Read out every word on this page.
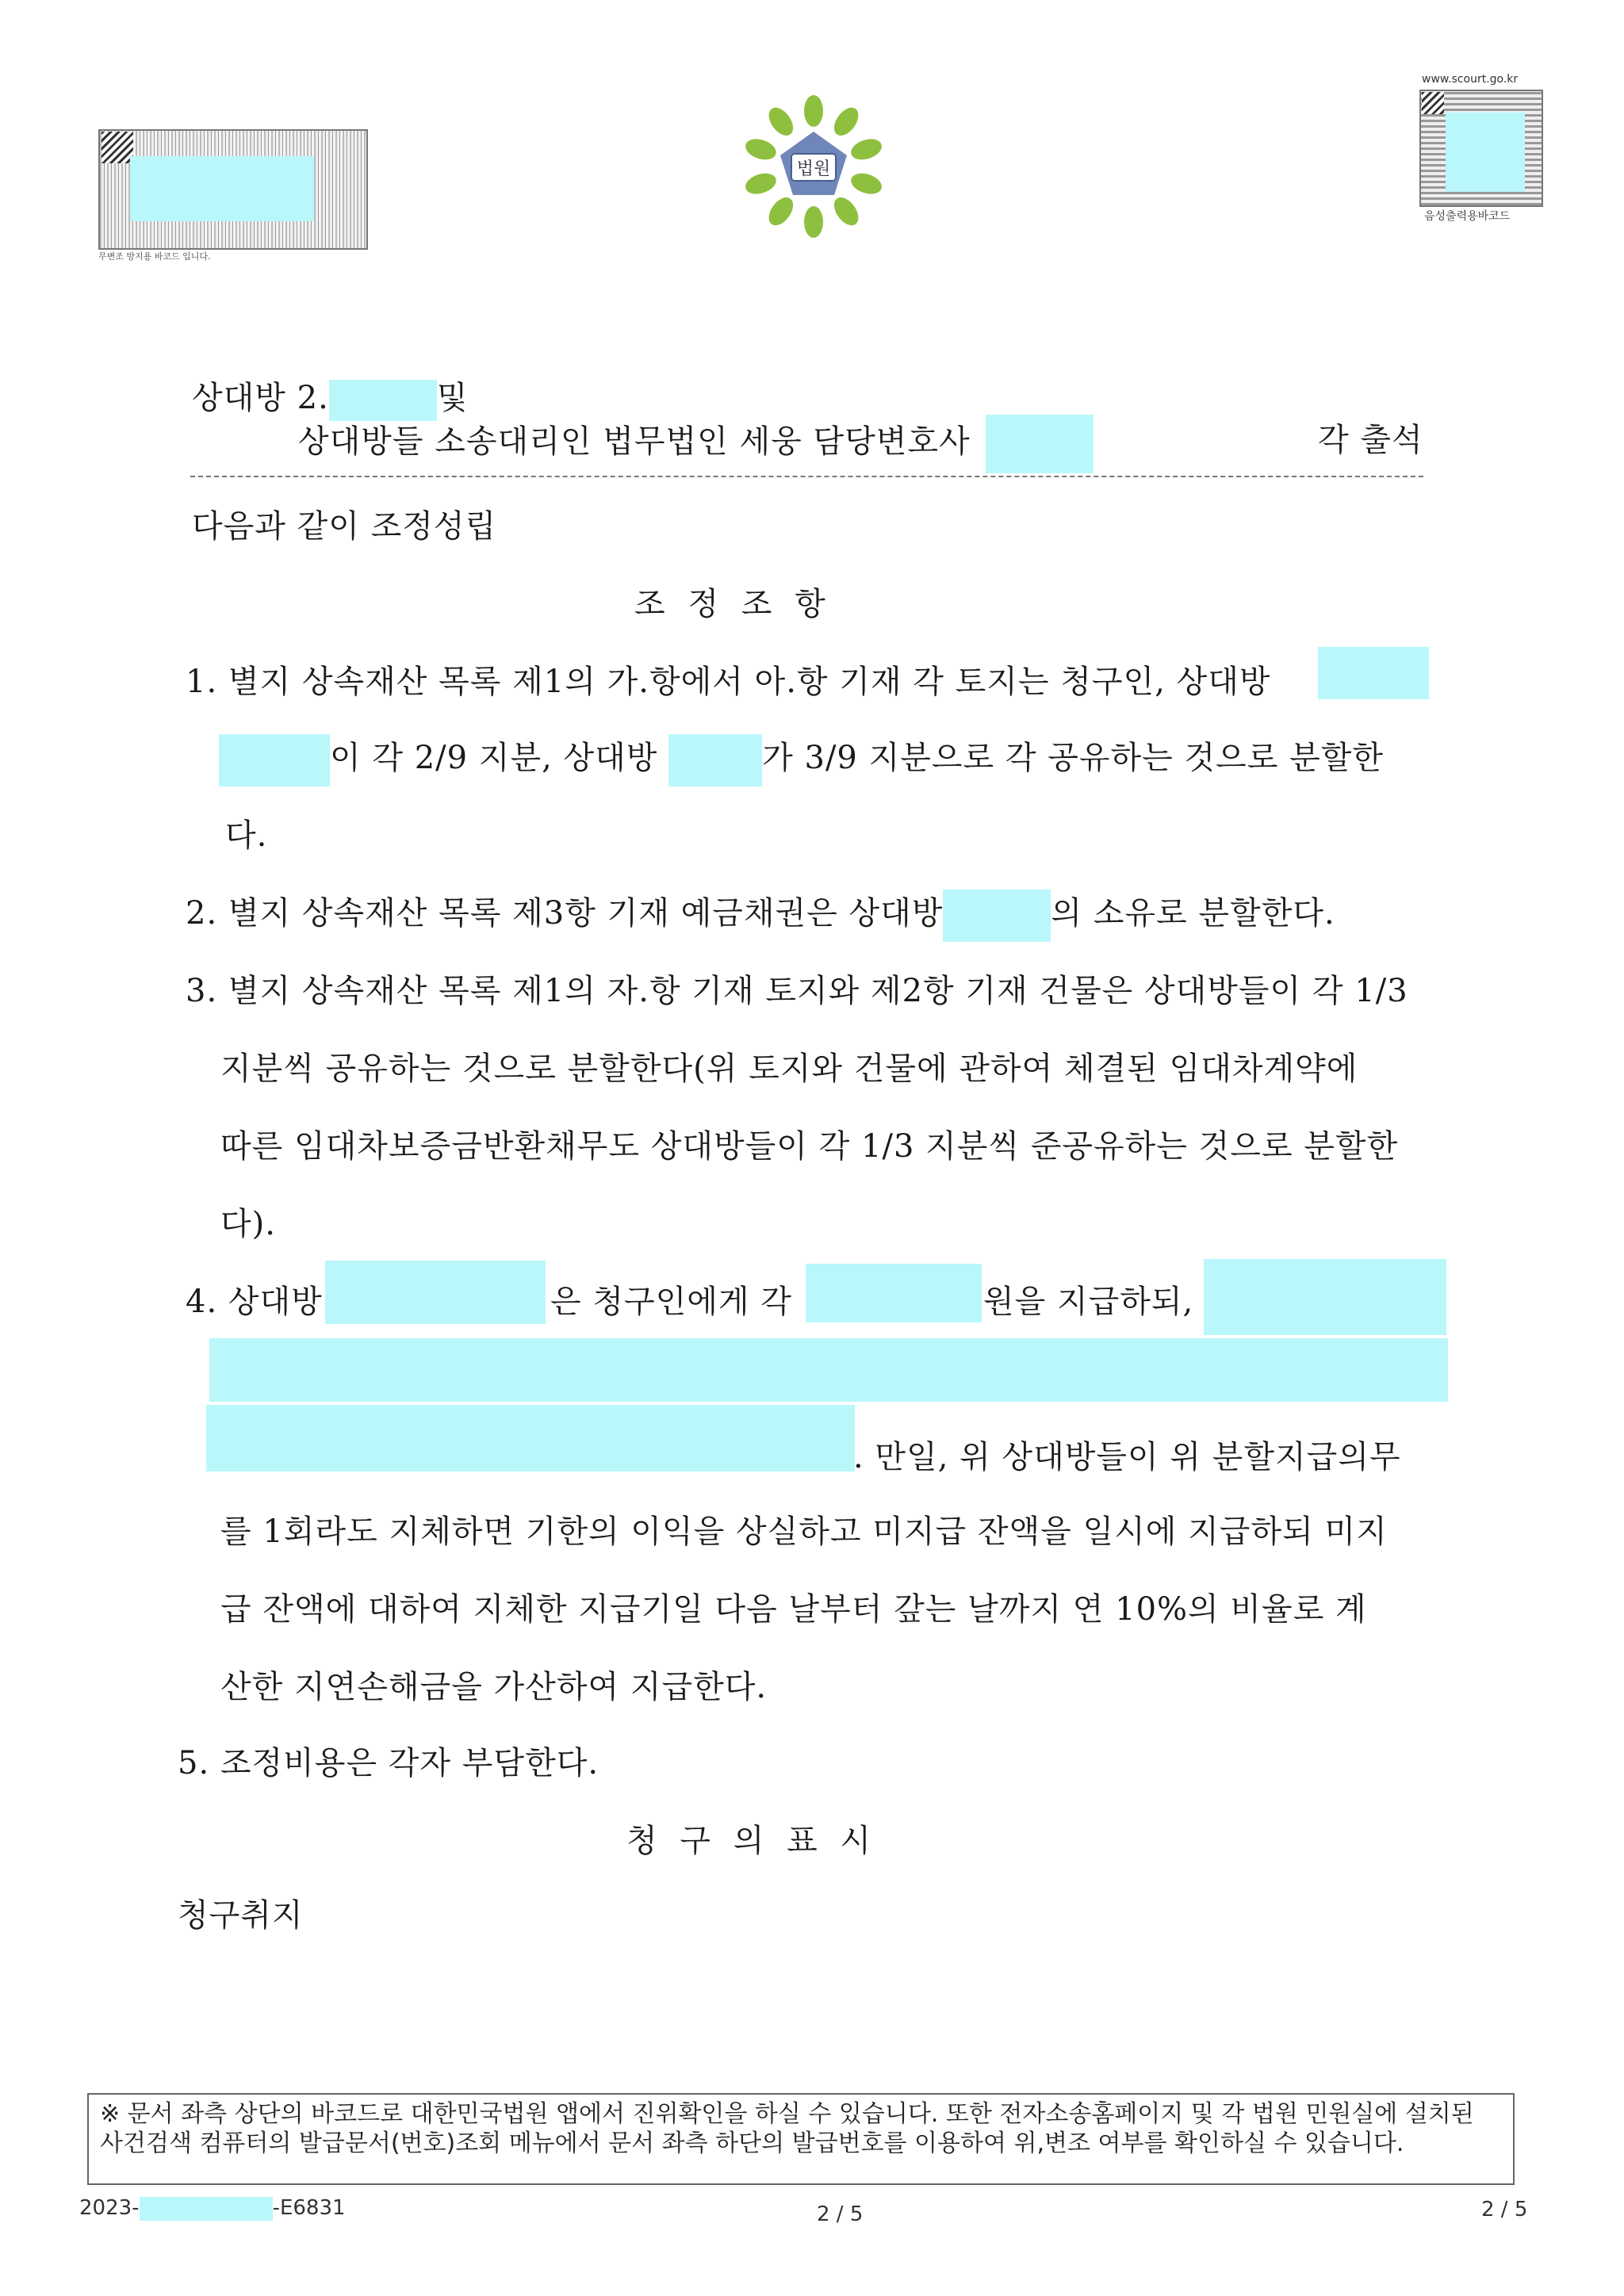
무변조 방지용 바코드 입니다.
법원
www.scourt.go.kr
음성출력용바코드
상대방 2.	및
상대방들 소송대리인 법무법인 세웅 담당변호사	각 출석
다음과 같이 조정성립
조 정 조 항
1. 별지 상속재산 목록 제1의 가.항에서 아.항 기재 각 토지는 청구인, 상대방
이 각 2/9 지분, 상대방	가 3/9 지분으로 각 공유하는 것으로 분할한
다.
2. 별지 상속재산 목록 제3항 기재 예금채권은 상대방	의 소유로 분할한다.
3. 별지 상속재산 목록 제1의 자.항 기재 토지와 제2항 기재 건물은 상대방들이 각 1/3
지분씩 공유하는 것으로 분할한다(위 토지와 건물에 관하여 체결된 임대차계약에
따른 임대차보증금반환채무도 상대방들이 각 1/3 지분씩 준공유하는 것으로 분할한
다).
4. 상대방	은 청구인에게 각	원을 지급하되,
. 만일, 위 상대방들이 위 분할지급의무
를 1회라도 지체하면 기한의 이익을 상실하고 미지급 잔액을 일시에 지급하되 미지
급 잔액에 대하여 지체한 지급기일 다음 날부터 갚는 날까지 연 10%의 비율로 계
산한 지연손해금을 가산하여 지급한다.
5. 조정비용은 각자 부담한다.
청 구 의 표 시
청구취지
※ 문서 좌측 상단의 바코드로 대한민국법원 앱에서 진위확인을 하실 수 있습니다. 또한 전자소송홈페이지 및 각 법원 민원실에 설치된 사건검색 컴퓨터의 발급문서(번호)조회 메뉴에서 문서 좌측 하단의 발급번호를 이용하여 위,변조 여부를 확인하실 수 있습니다.
2023-	-E6831	2 / 5	2 / 5
